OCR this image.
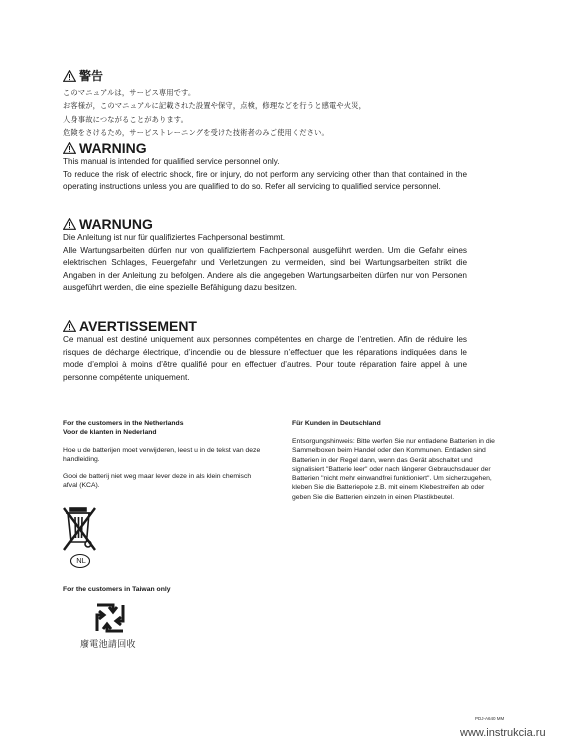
警告
このマニュアルは，サービス専用です。
お客様が，このマニュアルに記載された設置や保守，点検，修理などを行うと感電や火災，
人身事故につながることがあります。
危険をさけるため，サービストレーニングを受けた技術者のみご使用ください。
WARNING
This manual is intended for qualified service personnel only.
To reduce the risk of electric shock, fire or injury, do not perform any servicing other than that contained in the operating instructions unless you are qualified to do so. Refer all servicing to qualified service personnel.
WARNUNG
Die Anleitung ist nur für qualifiziertes Fachpersonal bestimmt.
Alle Wartungsarbeiten dürfen nur von qualifiziertem Fachpersonal ausgeführt werden. Um die Gefahr eines elektrischen Schlages, Feuergefahr und Verletzungen zu vermeiden, sind bei Wartungsarbeiten strikt die Angaben in der Anleitung zu befolgen. Andere als die angegeben Wartungsarbeiten dürfen nur von Personen ausgeführt werden, die eine spezielle Befähigung dazu besitzen.
AVERTISSEMENT
Ce manual est destiné uniquement aux personnes compétentes en charge de l’entretien. Afin de réduire les risques de décharge électrique, d’incendie ou de blessure n’effectuer que les réparations indiquées dans le mode d’emploi à moins d’être qualifié pour en effectuer d’autres. Pour toute réparation faire appel à une personne compétente uniquement.
For the customers in the Netherlands
Voor de klanten in Nederland
Hoe u de batterijen moet verwijderen, leest u in de tekst van deze handleiding.
Gooi de batterij niet weg maar lever deze in als klein chemisch afval (KCA).
NL
For the customers in Taiwan only
廢電池請回收
Für Kunden in Deutschland
Entsorgungshinweis: Bitte werfen Sie nur entladene Batterien in die Sammelboxen beim Handel oder den Kommunen. Entladen sind Batterien in der Regel dann, wenn das Gerät abschaltet und signalisiert "Batterie leer" oder nach längerer Gebrauchsdauer der Batterien "nicht mehr einwandfrei funktioniert". Um sicherzugehen, kleben Sie die Batteriepole z.B. mit einem Klebestreifen ab oder geben Sie die Batterien einzeln in einen Plastikbeutel.
PDJ-A640 MM
www.instrukcia.ru
